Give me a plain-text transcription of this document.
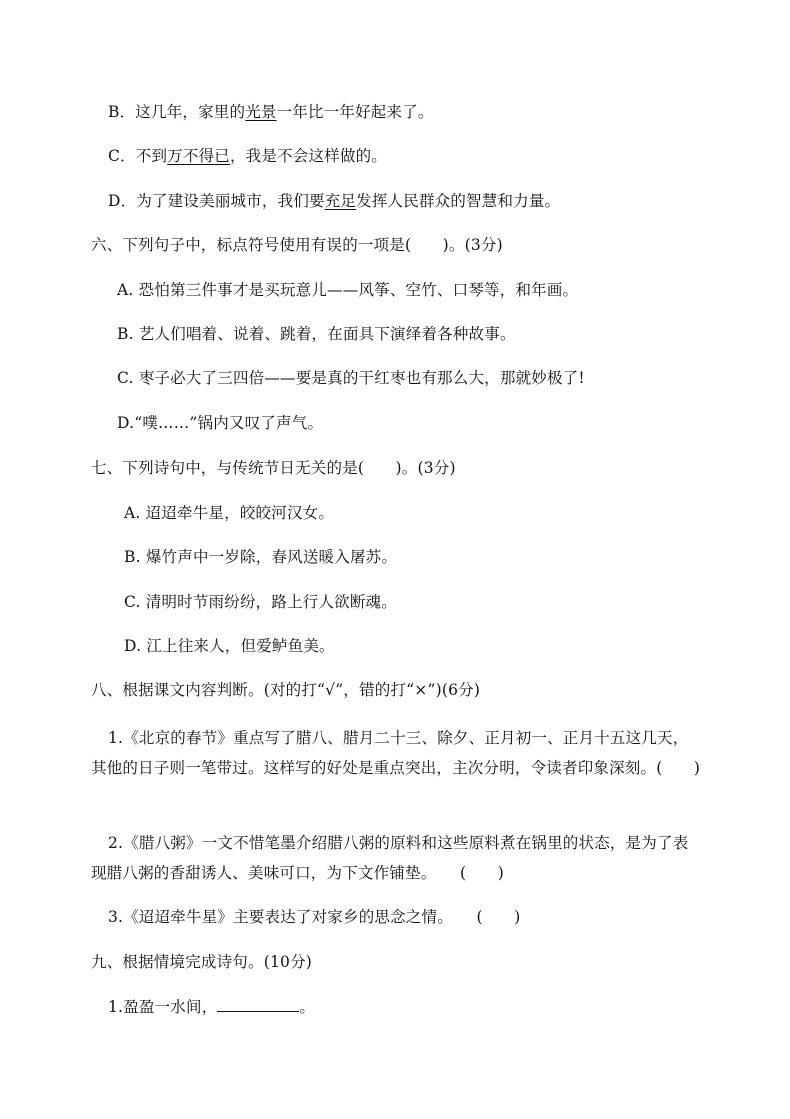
B．这几年，家里的光景一年比一年好起来了。
C．不到万不得已，我是不会这样做的。
D．为了建设美丽城市，我们要充足发挥人民群众的智慧和力量。
六、下列句子中，标点符号使用有误的一项是(　　)。(3分)
A. 恐怕第三件事才是买玩意儿——风筝、空竹、口琴等，和年画。
B. 艺人们唱着、说着、跳着，在面具下演绎着各种故事。
C. 枣子必大了三四倍——要是真的干红枣也有那么大，那就妙极了!
D.“噗……”锅内又叹了声气。
七、下列诗句中，与传统节日无关的是(　　)。(3分)
A. 迢迢牵牛星，皎皎河汉女。
B. 爆竹声中一岁除，春风送暖入屠苏。
C. 清明时节雨纷纷，路上行人欲断魂。
D. 江上往来人，但爱鲈鱼美。
八、根据课文内容判断。(对的打“√”，错的打“×”)(6分)
1.《北京的春节》重点写了腊八、腊月二十三、除夕、正月初一、正月十五这几天，其他的日子则一笔带过。这样写的好处是重点突出，主次分明，令读者印象深刻。(　　)
2.《腊八粥》一文不惜笔墨介绍腊八粥的原料和这些原料煮在锅里的状态，是为了表现腊八粥的香甜诱人、美味可口，为下文作铺垫。　　(　　)
3.《迢迢牵牛星》主要表达了对家乡的思念之情。　　(　　)
九、根据情境完成诗句。(10分)
1.盈盈一水间，	。
